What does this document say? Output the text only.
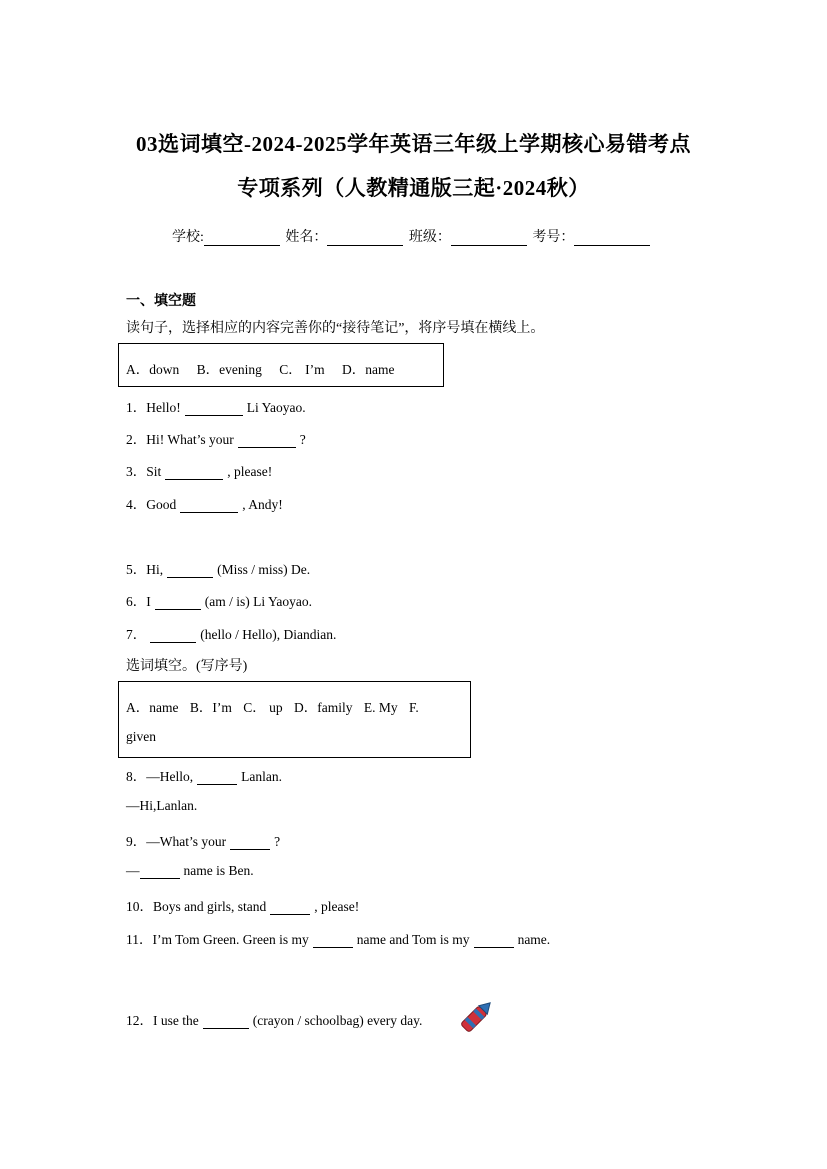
03选词填空-2024-2025学年英语三年级上学期核心易错考点
专项系列（人教精通版三起·2024秋）
学校:	姓名：	班级：	考号：
一、填空题
读句子，选择相应的内容完善你的“接待笔记”，将序号填在横线上。
A．down B．evening C． I’m D．name
1．Hello!	Li Yaoyao.
2．Hi! What’s your	?
3．Sit	, please!
4．Good	, Andy!
5．Hi,	(Miss / miss) De.
6．I	(am / is) Li Yaoyao.
7．	(hello / Hello), Diandian.
选词填空。(写序号)
A．name B．I’m C． up D．family E. My F.
given
8．—Hello,	Lanlan.
—Hi,Lanlan.
9．—What’s your	?
—	name is Ben.
10．Boys and girls, stand	, please!
11．I’m Tom Green. Green is my	name and Tom is my	name.
12．I use the	(crayon / schoolbag) every day.
